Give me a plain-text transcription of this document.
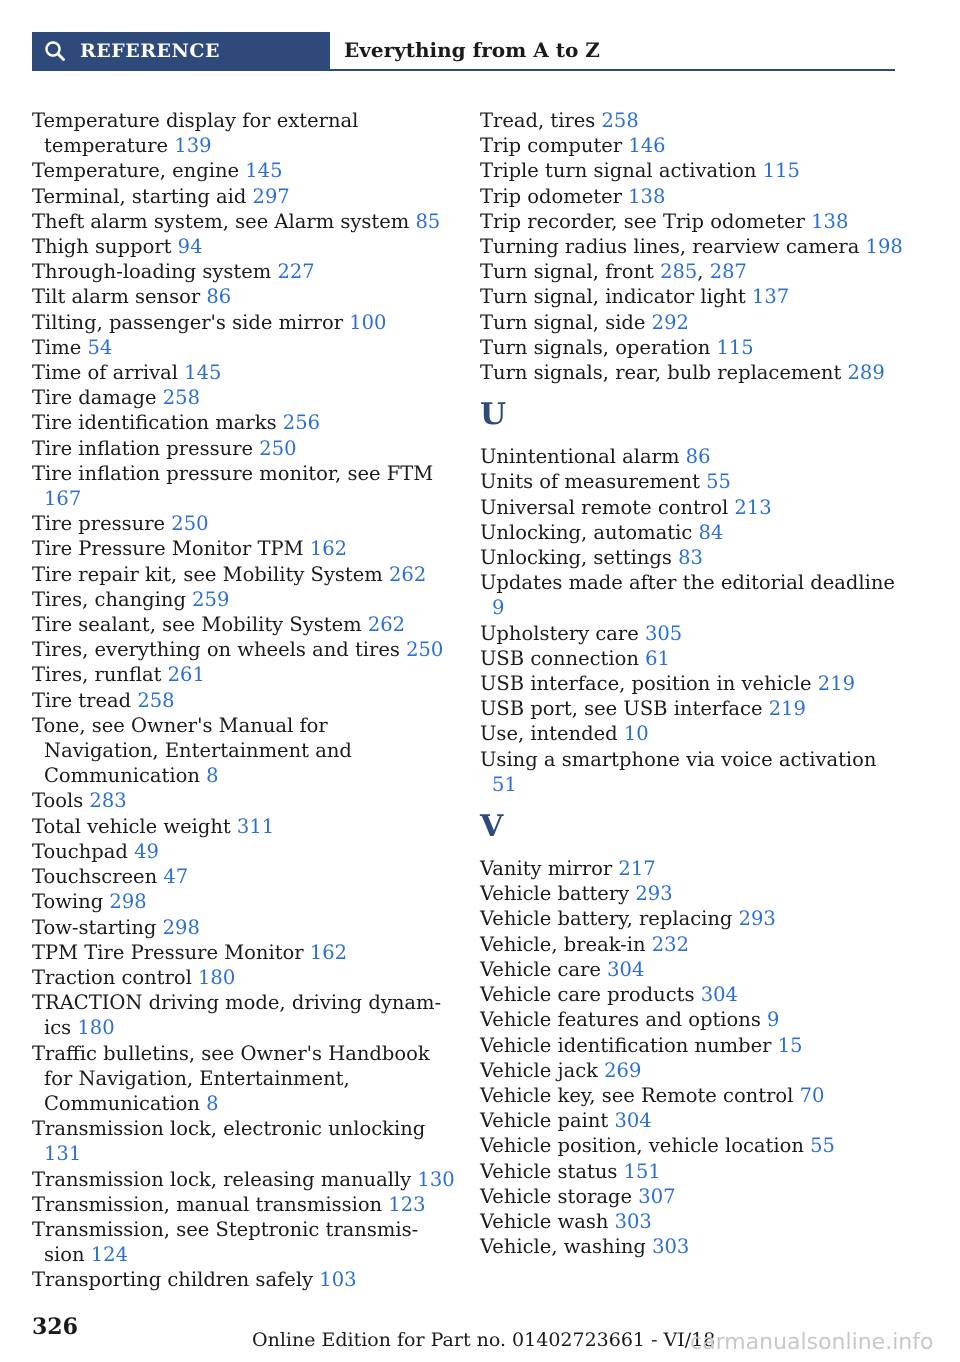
REFERENCE	Everything from A to Z
Temperature display for external temperature 139
Temperature, engine 145
Terminal, starting aid 297
Theft alarm system, see Alarm system 85
Thigh support 94
Through-loading system 227
Tilt alarm sensor 86
Tilting, passenger's side mirror 100
Time 54
Time of arrival 145
Tire damage 258
Tire identification marks 256
Tire inflation pressure 250
Tire inflation pressure monitor, see FTM 167
Tire pressure 250
Tire Pressure Monitor TPM 162
Tire repair kit, see Mobility System 262
Tires, changing 259
Tire sealant, see Mobility System 262
Tires, everything on wheels and tires 250
Tires, runflat 261
Tire tread 258
Tone, see Owner's Manual for Navigation, Entertainment and Communication 8
Tools 283
Total vehicle weight 311
Touchpad 49
Touchscreen 47
Towing 298
Tow-starting 298
TPM Tire Pressure Monitor 162
Traction control 180
TRACTION driving mode, driving dynamics 180
Traffic bulletins, see Owner's Handbook for Navigation, Entertainment, Communication 8
Transmission lock, electronic unlocking 131
Transmission lock, releasing manually 130
Transmission, manual transmission 123
Transmission, see Steptronic transmission 124
Transporting children safely 103
Tread, tires 258
Trip computer 146
Triple turn signal activation 115
Trip odometer 138
Trip recorder, see Trip odometer 138
Turning radius lines, rearview camera 198
Turn signal, front 285, 287
Turn signal, indicator light 137
Turn signal, side 292
Turn signals, operation 115
Turn signals, rear, bulb replacement 289
U
Unintentional alarm 86
Units of measurement 55
Universal remote control 213
Unlocking, automatic 84
Unlocking, settings 83
Updates made after the editorial deadline 9
Upholstery care 305
USB connection 61
USB interface, position in vehicle 219
USB port, see USB interface 219
Use, intended 10
Using a smartphone via voice activation 51
V
Vanity mirror 217
Vehicle battery 293
Vehicle battery, replacing 293
Vehicle, break-in 232
Vehicle care 304
Vehicle care products 304
Vehicle features and options 9
Vehicle identification number 15
Vehicle jack 269
Vehicle key, see Remote control 70
Vehicle paint 304
Vehicle position, vehicle location 55
Vehicle status 151
Vehicle storage 307
Vehicle wash 303
Vehicle, washing 303
326	Online Edition for Part no. 01402723661 - VI/18
carmanualsonline.info
